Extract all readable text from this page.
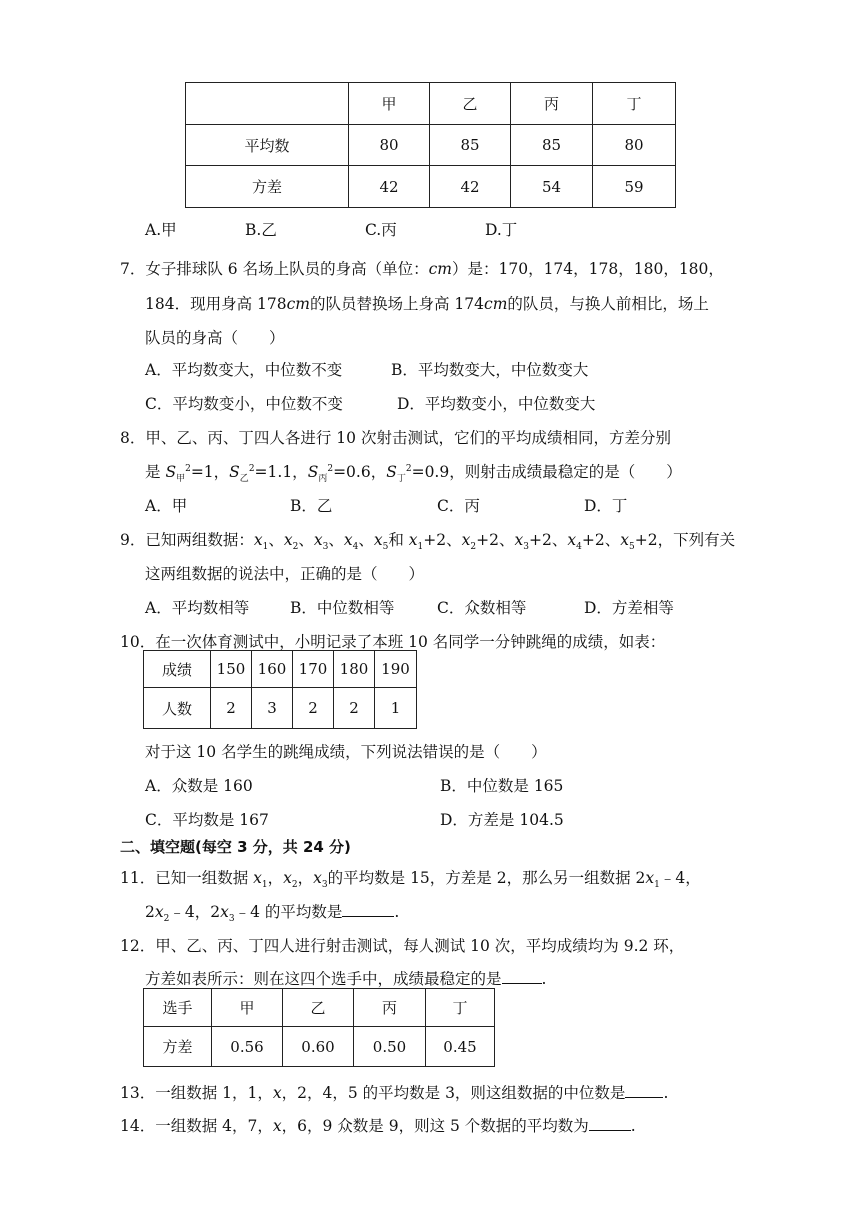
	甲	乙	丙	丁
平均数	80	85	85	80
方差	42	42	54	59
A.甲	B.乙	C.丙	D.丁
7．女子排球队 6 名场上队员的身高（单位：cm）是：170，174，178，180，180，
184．现用身高 178cm的队员替换场上身高 174cm的队员，与换人前相比，场上
队员的身高（　　）
A．平均数变大，中位数不变	B．平均数变大，中位数变大
C．平均数变小，中位数不变	D．平均数变小，中位数变大
8．甲、乙、丙、丁四人各进行 10 次射击测试，它们的平均成绩相同，方差分别
是 $S_甲^2=1$，$S_乙^2=1.1$，$S_丙^2=0.6$，$S_丁^2=0.9$，则射击成绩最稳定的是（　　）
A．甲	B．乙	C．丙	D．丁
9．已知两组数据：$x_1$、$x_2$、$x_3$、$x_4$、$x_5$和 $x_1+2$、$x_2+2$、$x_3+2$、$x_4+2$、$x_5+2$，下列有关
这两组数据的说法中，正确的是（　　）
A．平均数相等	B．中位数相等	C．众数相等	D．方差相等
10．在一次体育测试中，小明记录了本班 10 名同学一分钟跳绳的成绩，如表：
成绩	150	160	170	180	190
人数	2	3	2	2	1
对于这 10 名学生的跳绳成绩，下列说法错误的是（　　）
A．众数是 160	B．中位数是 165
C．平均数是 167	D．方差是 104.5
二、填空题(每空 3 分，共 24 分)
11．已知一组数据 $x_1$，$x_2$，$x_3$的平均数是 15，方差是 2，那么另一组数据 $2x_1﹣4$，
$2x_2﹣4$，$2x_3﹣4$ 的平均数是	.
12．甲、乙、丙、丁四人进行射击测试，每人测试 10 次，平均成绩均为 9.2 环，
方差如表所示：则在这四个选手中，成绩最稳定的是	.
选手	甲	乙	丙	丁
方差	0.56	0.60	0.50	0.45
13．一组数据 1，1，x，2，4，5 的平均数是 3，则这组数据的中位数是 .
14．一组数据 4，7，x，6，9 众数是 9，则这 5 个数据的平均数为	.
